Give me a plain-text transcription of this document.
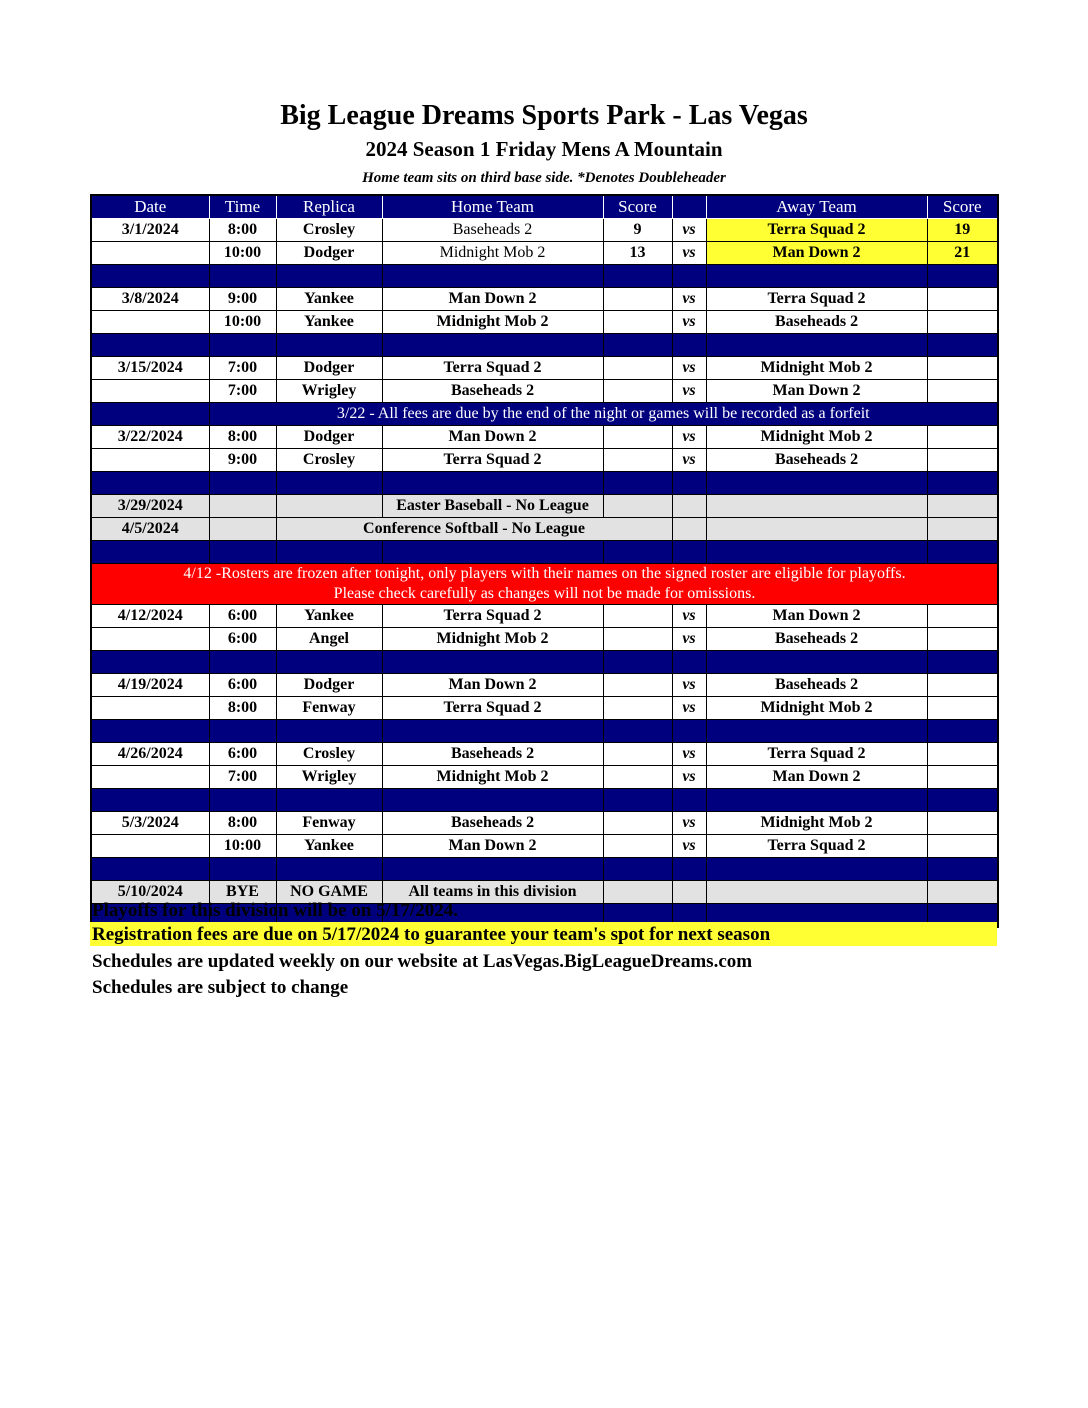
Big League Dreams Sports Park - Las Vegas
2024 Season 1 Friday Mens A Mountain
Home team sits on third base side. *Denotes Doubleheader
Date	Time	Replica	Home Team	Score		Away Team	Score
3/1/2024	8:00	Crosley	Baseheads 2	9	vs	Terra Squad 2	19
	10:00	Dodger	Midnight Mob 2	13	vs	Man Down 2	21

3/8/2024	9:00	Yankee	Man Down 2		vs	Terra Squad 2	
	10:00	Yankee	Midnight Mob 2		vs	Baseheads 2	

3/15/2024	7:00	Dodger	Terra Squad 2		vs	Midnight Mob 2	
	7:00	Wrigley	Baseheads 2		vs	Man Down 2	
	3/22 - All fees are due by the end of the night or games will be recorded as a forfeit						
3/22/2024	8:00	Dodger	Man Down 2		vs	Midnight Mob 2	
	9:00	Crosley	Terra Squad 2		vs	Baseheads 2	

3/29/2024			Easter Baseball - No League				
4/5/2024		Conference Softball - No League					

4/12 -Rosters are frozen after tonight, only players with their names on the signed roster are eligible for playoffs.
Please check carefully as changes will not be made for omissions.							

4/12/2024	6:00	Yankee	Terra Squad 2		vs	Man Down 2	
	6:00	Angel	Midnight Mob 2		vs	Baseheads 2	

4/19/2024	6:00	Dodger	Man Down 2		vs	Baseheads 2	
	8:00	Fenway	Terra Squad 2		vs	Midnight Mob 2	

4/26/2024	6:00	Crosley	Baseheads 2		vs	Terra Squad 2	
	7:00	Wrigley	Midnight Mob 2		vs	Man Down 2	

5/3/2024	8:00	Fenway	Baseheads 2		vs	Midnight Mob 2	
	10:00	Yankee	Man Down 2		vs	Terra Squad 2	

5/10/2024	BYE	NO GAME	All teams in this division				

Playoffs for this division will be on 5/17/2024.
Registration fees are due on 5/17/2024 to guarantee your team's spot for next season
Schedules are updated weekly on our website at LasVegas.BigLeagueDreams.com
Schedules are subject to change
